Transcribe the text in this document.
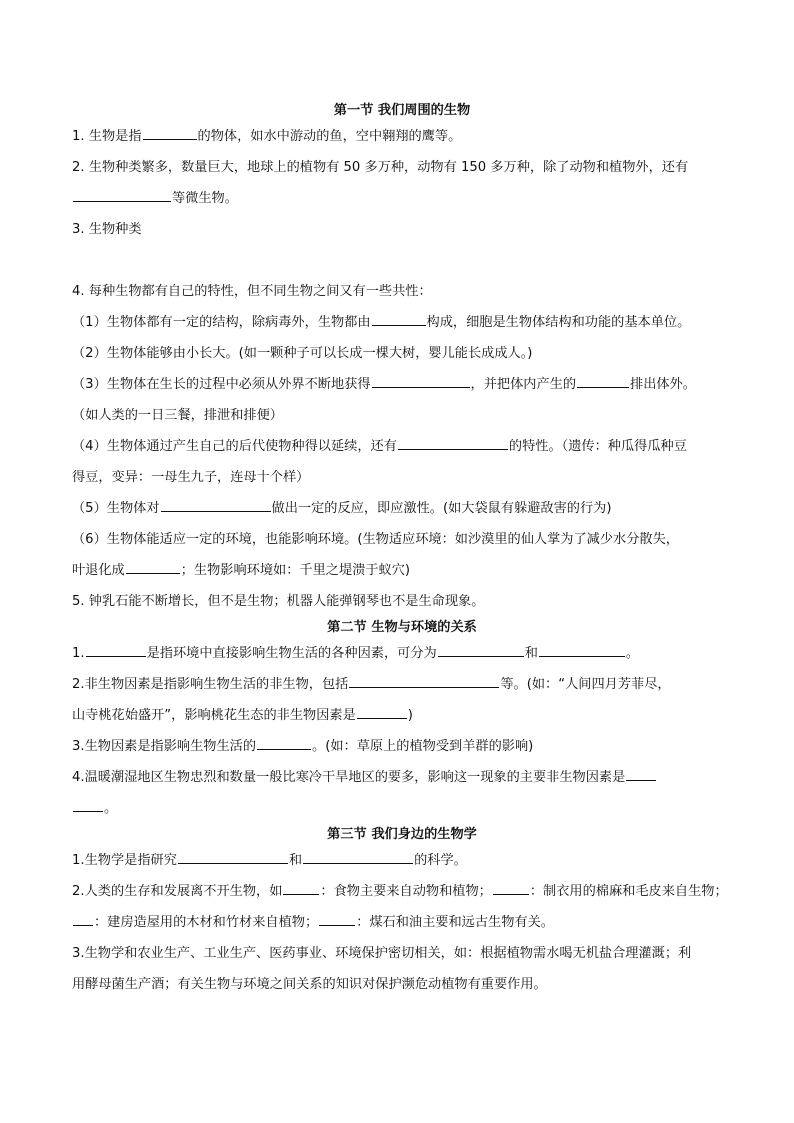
第一节 我们周围的生物
1. 生物是指	的物体，如水中游动的鱼，空中翱翔的鹰等。
2. 生物种类繁多，数量巨大，地球上的植物有 50 多万种，动物有 150 多万种，除了动物和植物外，还有
等微生物。
3. 生物种类
4. 每种生物都有自己的特性，但不同生物之间又有一些共性：
（1）生物体都有一定的结构，除病毒外，生物都由	构成，细胞是生物体结构和功能的基本单位。
（2）生物体能够由小长大。(如一颗种子可以长成一棵大树，婴儿能长成成人。)
（3）生物体在生长的过程中必须从外界不断地获得	，并把体内产生的	排出体外。
（如人类的一日三餐，排泄和排便）
（4）生物体通过产生自己的后代使物种得以延续，还有	的特性。（遗传：种瓜得瓜种豆
得豆，变异：一母生九子，连母十个样）
（5）生物体对	做出一定的反应，即应激性。(如大袋鼠有躲避敌害的行为)
（6）生物体能适应一定的环境，也能影响环境。(生物适应环境：如沙漠里的仙人掌为了减少水分散失，
叶退化成	；生物影响环境如：千里之堤溃于蚁穴)
5. 钟乳石能不断增长，但不是生物；机器人能弹钢琴也不是生命现象。
第二节 生物与环境的关系
1.	是指环境中直接影响生物生活的各种因素，可分为	和	。
2.非生物因素是指影响生物生活的非生物，包括	等。(如：“人间四月芳菲尽，
山寺桃花始盛开”，影响桃花生态的非生物因素是	)
3.生物因素是指影响生物生活的	。(如：草原上的植物受到羊群的影响)
4.温暖潮湿地区生物忠烈和数量一般比寒冷干旱地区的要多，影响这一现象的主要非生物因素是
。
第三节 我们身边的生物学
1.生物学是指研究	和	的科学。
2.人类的生存和发展离不开生物，如	：食物主要来自动物和植物；	：制衣用的棉麻和毛皮来自生物；
：建房造屋用的木材和竹材来自植物；	：煤石和油主要和远古生物有关。
3.生物学和农业生产、工业生产、医药事业、环境保护密切相关，如：根据植物需水喝无机盐合理灌溉；利
用酵母菌生产酒；有关生物与环境之间关系的知识对保护濒危动植物有重要作用。
